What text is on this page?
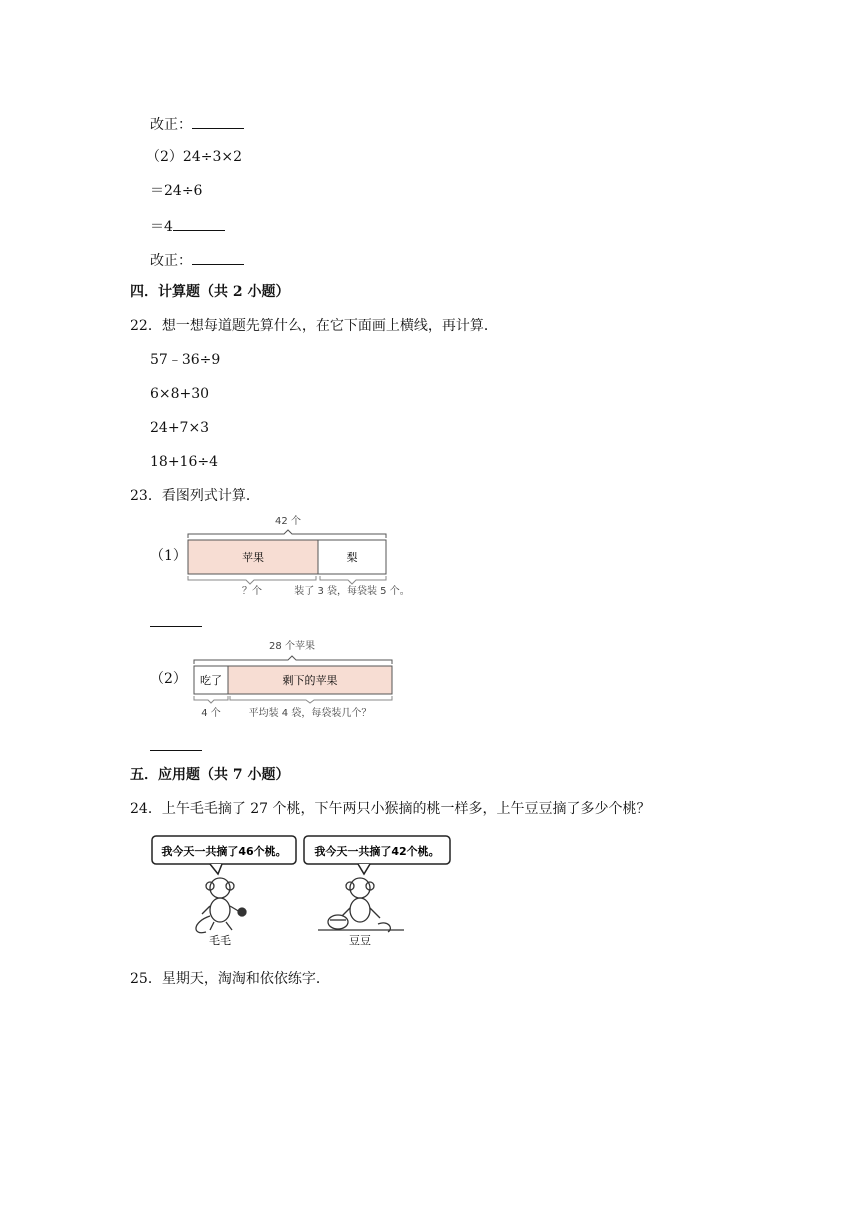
改正：
（2）24÷3×2
＝24÷6
＝4
改正：
四．计算题（共 2 小题）
22．想一想每道题先算什么，在它下面画上横线，再计算．
57﹣36÷9
6×8+30
24+7×3
18+16÷4
23．看图列式计算．
（1）
42 个
苹果	梨
？个	装了 3 袋，每袋装 5 个。
（2）
28 个苹果
吃了	剩下的苹果
4 个	平均装 4 袋，每袋装几个？
五．应用题（共 7 小题）
24．上午毛毛摘了 27 个桃，下午两只小猴摘的桃一样多，上午豆豆摘了多少个桃？
我今天一共摘了46个桃。	我今天一共摘了42个桃。
毛毛	豆豆
25．星期天，淘淘和依依练字．
